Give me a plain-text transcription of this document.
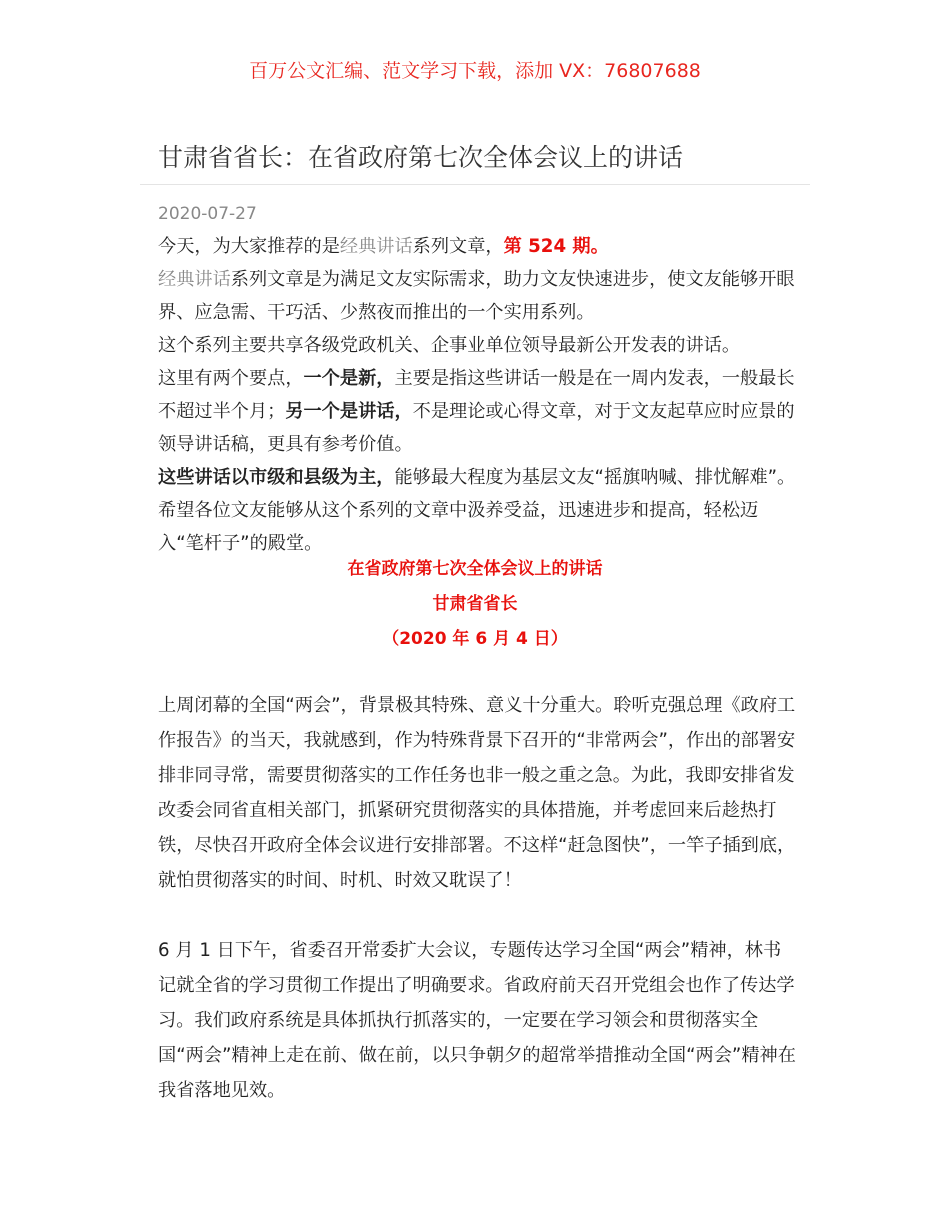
百万公文汇编、范文学习下载，添加 VX：76807688
甘肃省省长：在省政府第七次全体会议上的讲话
2020-07-27

今天，为大家推荐的是经典讲话系列文章，第 524 期。

经典讲话系列文章是为满足文友实际需求，助力文友快速进步，使文友能够开眼界、应急需、干巧活、少熬夜而推出的一个实用系列。

这个系列主要共享各级党政机关、企事业单位领导最新公开发表的讲话。

这里有两个要点，一个是新，主要是指这些讲话一般是在一周内发表，一般最长不超过半个月；另一个是讲话，不是理论或心得文章，对于文友起草应时应景的领导讲话稿，更具有参考价值。

这些讲话以市级和县级为主，能够最大程度为基层文友“摇旗呐喊、排忧解难”。希望各位文友能够从这个系列的文章中汲养受益，迅速进步和提高，轻松迈入“笔杆子”的殿堂。

在省政府第七次全体会议上的讲话
甘肃省省长
（2020 年 6 月 4 日）

上周闭幕的全国“两会”，背景极其特殊、意义十分重大。聆听克强总理《政府工作报告》的当天，我就感到，作为特殊背景下召开的“非常两会”，作出的部署安排非同寻常，需要贯彻落实的工作任务也非一般之重之急。为此，我即安排省发改委会同省直相关部门，抓紧研究贯彻落实的具体措施，并考虑回来后趁热打铁，尽快召开政府全体会议进行安排部署。不这样“赶急图快”，一竿子插到底，就怕贯彻落实的时间、时机、时效又耽误了！

6 月 1 日下午，省委召开常委扩大会议，专题传达学习全国“两会”精神，林书记就全省的学习贯彻工作提出了明确要求。省政府前天召开党组会也作了传达学习。我们政府系统是具体抓执行抓落实的，一定要在学习领会和贯彻落实全国“两会”精神上走在前、做在前，以只争朝夕的超常举措推动全国“两会”精神在我省落地见效。
